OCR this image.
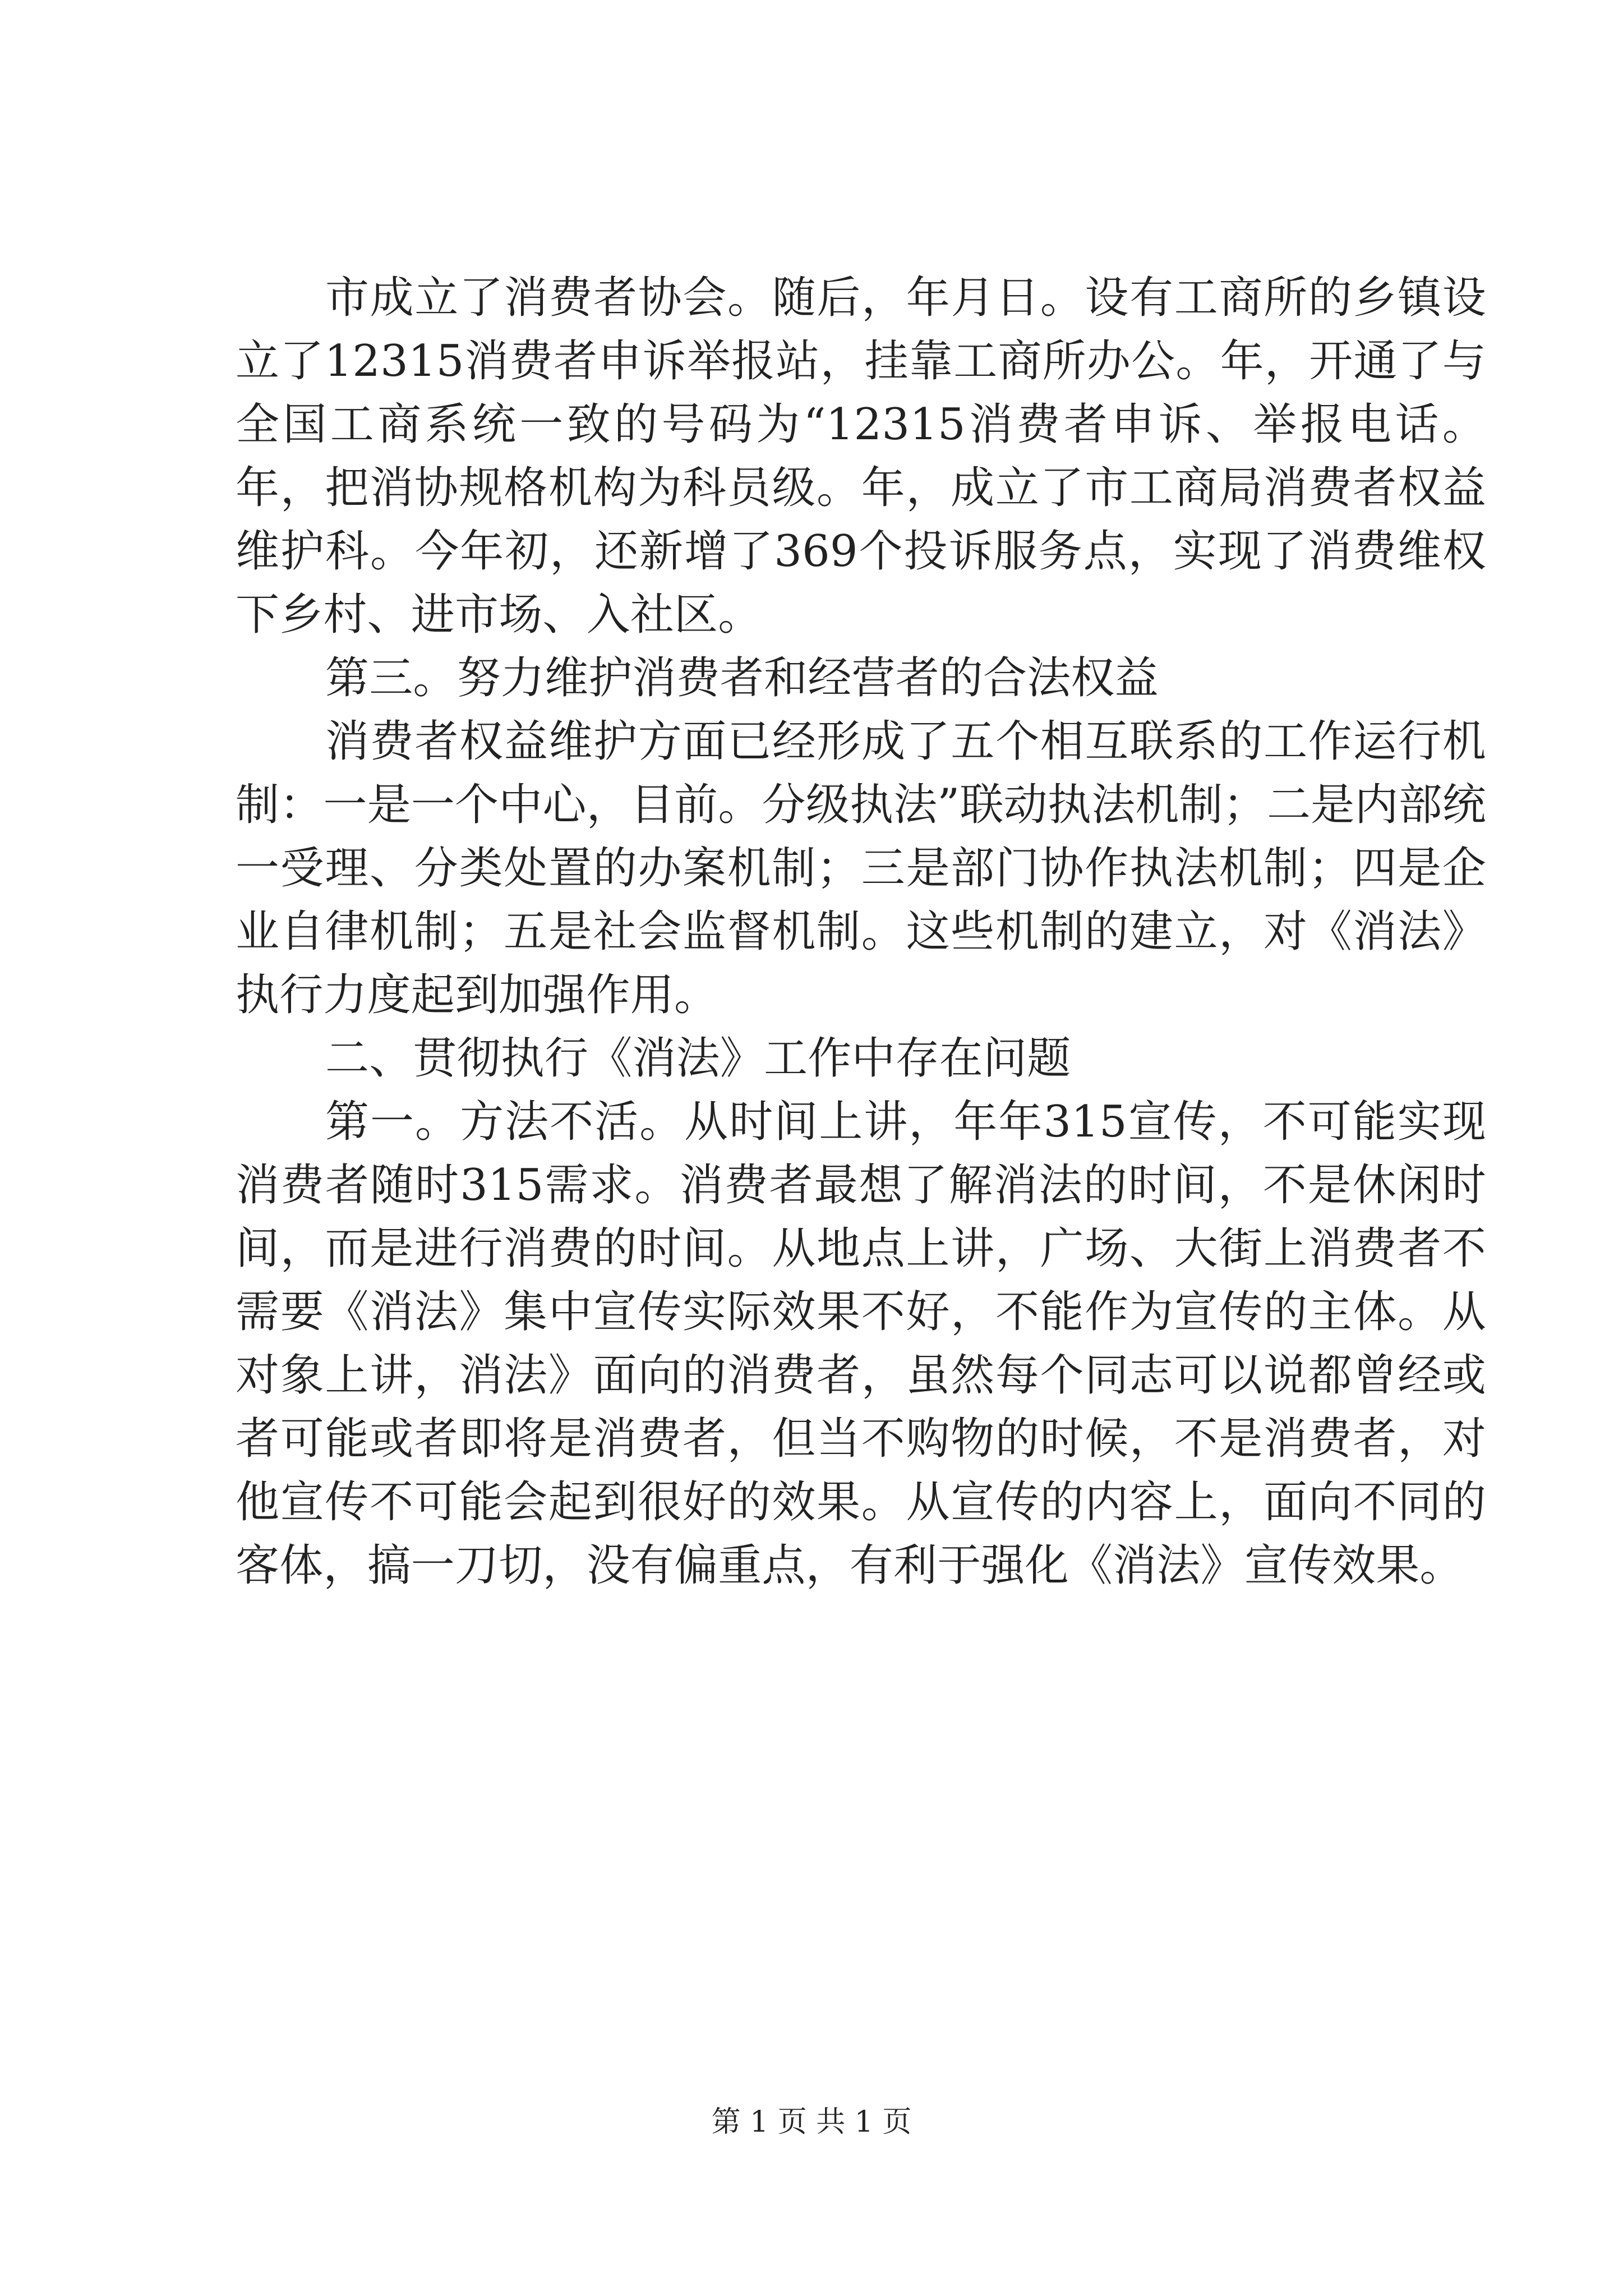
市成立了消费者协会。随后，年月日。设有工商所的乡镇设立了12315消费者申诉举报站，挂靠工商所办公。年，开通了与全国工商系统一致的号码为“12315消费者申诉、举报电话。年，把消协规格机构为科员级。年，成立了市工商局消费者权益维护科。今年初，还新增了369个投诉服务点，实现了消费维权下乡村、进市场、入社区。

第三。努力维护消费者和经营者的合法权益

消费者权益维护方面已经形成了五个相互联系的工作运行机制：一是一个中心，目前。分级执法”联动执法机制；二是内部统一受理、分类处置的办案机制；三是部门协作执法机制；四是企业自律机制；五是社会监督机制。这些机制的建立，对《消法》执行力度起到加强作用。

二、贯彻执行《消法》工作中存在问题

第一。方法不活。从时间上讲，年年315宣传，不可能实现消费者随时315需求。消费者最想了解消法的时间，不是休闲时间，而是进行消费的时间。从地点上讲，广场、大街上消费者不需要《消法》集中宣传实际效果不好，不能作为宣传的主体。从对象上讲，消法》面向的消费者，虽然每个同志可以说都曾经或者可能或者即将是消费者，但当不购物的时候，不是消费者，对他宣传不可能会起到很好的效果。从宣传的内容上，面向不同的客体，搞一刀切，没有偏重点，有利于强化《消法》宣传效果。

第 1 页 共 1 页
